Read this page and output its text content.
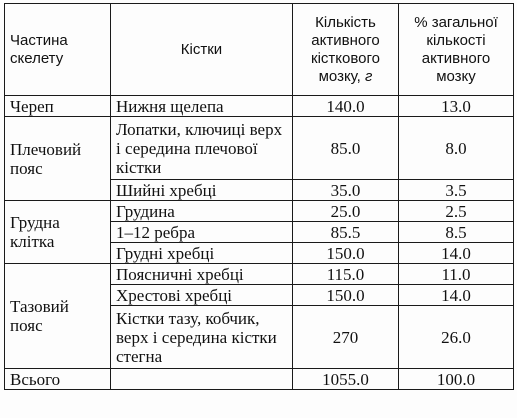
Частина скелету	Кістки	Кількість активного кісткового мозку, г	% загальної кількості активного мозку
Череп	Нижня щелепа	140.0	13.0
Плечовий пояс	Лопатки, ключиці верх і середина плечової кістки	85.0	8.0
	Шийні хребці	35.0	3.5
Грудна клітка	Грудина	25.0	2.5
	1–12 ребра	85.5	8.5
	Грудні хребці	150.0	14.0
Тазовий пояс	Поясничні хребці	115.0	11.0
	Хрестові хребці	150.0	14.0
	Кістки тазу, кобчик, верх і середина кістки стегна	270	26.0
Всього		1055.0	100.0
